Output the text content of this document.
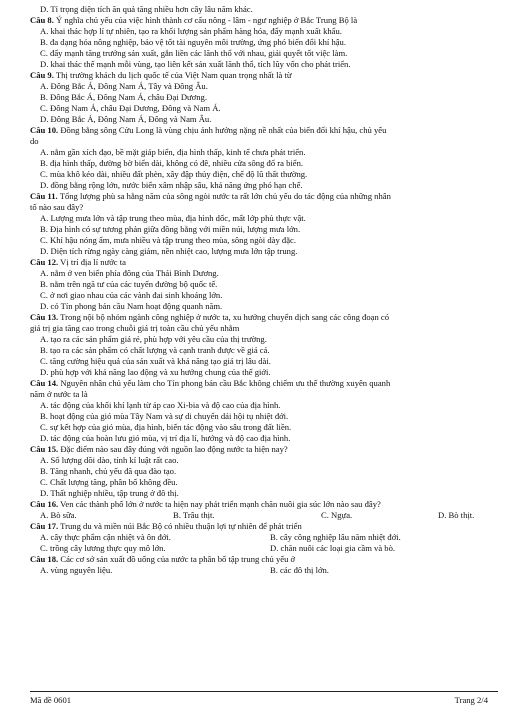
D. Tỉ trọng diện tích ăn quả tăng nhiều hơn cây lâu năm khác.
Câu 8. Ý nghĩa chủ yếu của việc hình thành cơ cấu nông - lâm - ngư nghiệp ở Bắc Trung Bộ là
A. khai thác hợp lí tự nhiên, tạo ra khối lượng sản phẩm hàng hóa, đẩy mạnh xuất khẩu.
B. đa dạng hóa nông nghiệp, bảo vệ tốt tài nguyên môi trường, ứng phó biến đổi khí hậu.
C. đẩy mạnh tăng trưởng sản xuất, gắn liền các lãnh thổ với nhau, giải quyết tốt việc làm.
D. khai thác thế mạnh mỗi vùng, tạo liên kết sản xuất lãnh thổ, tích lũy vốn cho phát triển.
Câu 9. Thị trường khách du lịch quốc tế của Việt Nam quan trọng nhất là từ
A. Đông Bắc Á, Đông Nam Á, Tây và Đông Âu.
B. Đông Bắc Á, Đông Nam Á, châu Đại Dương.
C. Đông Nam Á, châu Đại Dương, Đông và Nam Á.
D. Đông Bắc Á, Đông Nam Á, Đông và Nam Âu.
Câu 10. Đồng bằng sông Cửu Long là vùng chịu ảnh hưởng nặng nề nhất của biến đổi khí hậu, chủ yếu
do
A. nằm gần xích đạo, bề mặt giáp biển, địa hình thấp, kinh tế chưa phát triển.
B. địa hình thấp, đường bờ biển dài, không có đê, nhiều cửa sông đổ ra biển.
C. mùa khô kéo dài, nhiều đất phèn, xây đập thủy điện, chế độ lũ thất thường.
D. đồng bằng rộng lớn, nước biển xâm nhập sâu, khả năng ứng phó hạn chế.
Câu 11. Tổng lượng phù sa hằng năm của sông ngòi nước ta rất lớn chủ yếu do tác động của những nhân
tố nào sau đây?
A. Lượng mưa lớn và tập trung theo mùa, địa hình dốc, mất lớp phủ thực vật.
B. Địa hình có sự tương phản giữa đồng bằng với miền núi, lượng mưa lớn.
C. Khí hậu nóng ẩm, mưa nhiều và tập trung theo mùa, sông ngòi dày đặc.
D. Diện tích rừng ngày càng giảm, nền nhiệt cao, lượng mưa lớn tập trung.
Câu 12. Vị trí địa lí nước ta
A. nằm ở ven biển phía đông của Thái Bình Dương.
B. nằm trên ngã tư của các tuyến đường bộ quốc tế.
C. ở nơi giao nhau của các vành đai sinh khoáng lớn.
D. có Tín phong bán cầu Nam hoạt động quanh năm.
Câu 13. Trong nội bộ nhóm ngành công nghiệp ở nước ta, xu hướng chuyển dịch sang các công đoạn có
giá trị gia tăng cao trong chuỗi giá trị toàn cầu chủ yếu nhằm
A. tạo ra các sản phẩm giá rẻ, phù hợp với yêu cầu của thị trường.
B. tạo ra các sản phẩm có chất lượng và cạnh tranh được về giá cả.
C. tăng cường hiệu quả của sản xuất và khả năng tạo giá trị lâu dài.
D. phù hợp với khả năng lao động và xu hướng chung của thế giới.
Câu 14. Nguyên nhân chủ yếu làm cho Tín phong bán cầu Bắc không chiếm ưu thế thường xuyên quanh
năm ở nước ta là
A. tác động của khối khí lạnh từ áp cao Xi-bia và độ cao của địa hình.
B. hoạt động của gió mùa Tây Nam và sự di chuyển dải hội tụ nhiệt đới.
C. sự kết hợp của gió mùa, địa hình, biến tác động vào sâu trong đất liền.
D. tác động của hoàn lưu gió mùa, vị trí địa lí, hướng và độ cao địa hình.
Câu 15. Đặc điểm nào sau đây đúng với nguồn lao động nước ta hiện nay?
A. Số lượng dồi dào, tính kỉ luật rất cao.
B. Tăng nhanh, chủ yếu đã qua đào tạo.
C. Chất lượng tăng, phân bố không đều.
D. Thất nghiệp nhiều, tập trung ở đô thị.
Câu 16. Ven các thành phố lớn ở nước ta hiện nay phát triển mạnh chăn nuôi gia súc lớn nào sau đây?
A. Bò sữa.	B. Trâu thịt.	C. Ngựa.	D. Bò thịt.
Câu 17. Trung du và miền núi Bắc Bộ có nhiều thuận lợi tự nhiên để phát triển
A. cây thực phẩm cận nhiệt và ôn đới.	B. cây công nghiệp lâu năm nhiệt đới.
C. trồng cây lương thực quy mô lớn.	D. chăn nuôi các loại gia cầm và bò.
Câu 18. Các cơ sở sản xuất đồ uống của nước ta phân bố tập trung chủ yếu ở
A. vùng nguyên liệu.	B. các đô thị lớn.
Mã đề 0601	Trang 2/4
